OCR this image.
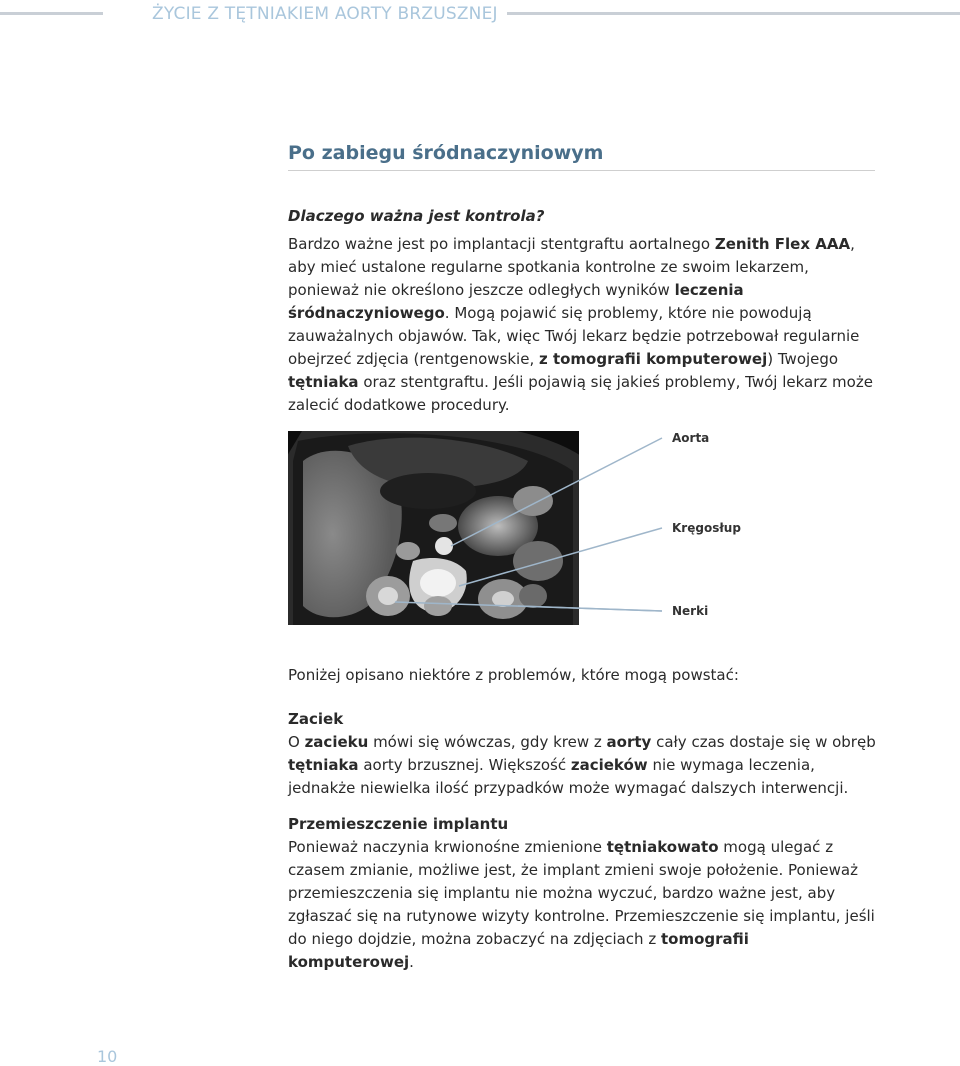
ŻYCIE Z TĘTNIAKIEM AORTY BRZUSZNEJ
Po zabiegu śródnaczyniowym
Dlaczego ważna jest kontrola?
Bardzo ważne jest po implantacji stentgraftu aortalnego Zenith Flex AAA, aby mieć ustalone regularne spotkania kontrolne ze swoim lekarzem, ponieważ nie określono jeszcze odległych wyników leczenia śródnaczyniowego. Mogą pojawić się problemy, które nie powodują zauważalnych objawów. Tak, więc Twój lekarz będzie potrzebował regularnie obejrzeć zdjęcia (rentgenowskie, z tomografii komputerowej) Twojego tętniaka oraz stentgraftu. Jeśli pojawią się jakieś problemy, Twój lekarz może zalecić dodatkowe procedury.
Aorta
Kręgosłup
Nerki
Poniżej opisano niektóre z problemów, które mogą powstać:
Zaciek
O zacieku mówi się wówczas, gdy krew z aorty cały czas dostaje się w obręb tętniaka aorty brzusznej. Większość zacieków nie wymaga leczenia, jednakże niewielka ilość przypadków może wymagać dalszych interwencji.
Przemieszczenie implantu
Ponieważ naczynia krwionośne zmienione tętniakowato mogą ulegać z czasem zmianie, możliwe jest, że implant zmieni swoje położenie. Ponieważ przemieszczenia się implantu nie można wyczuć, bardzo ważne jest, aby zgłaszać się na rutynowe wizyty kontrolne. Przemieszczenie się implantu, jeśli do niego dojdzie, można zobaczyć na zdjęciach z tomografii komputerowej.
10
